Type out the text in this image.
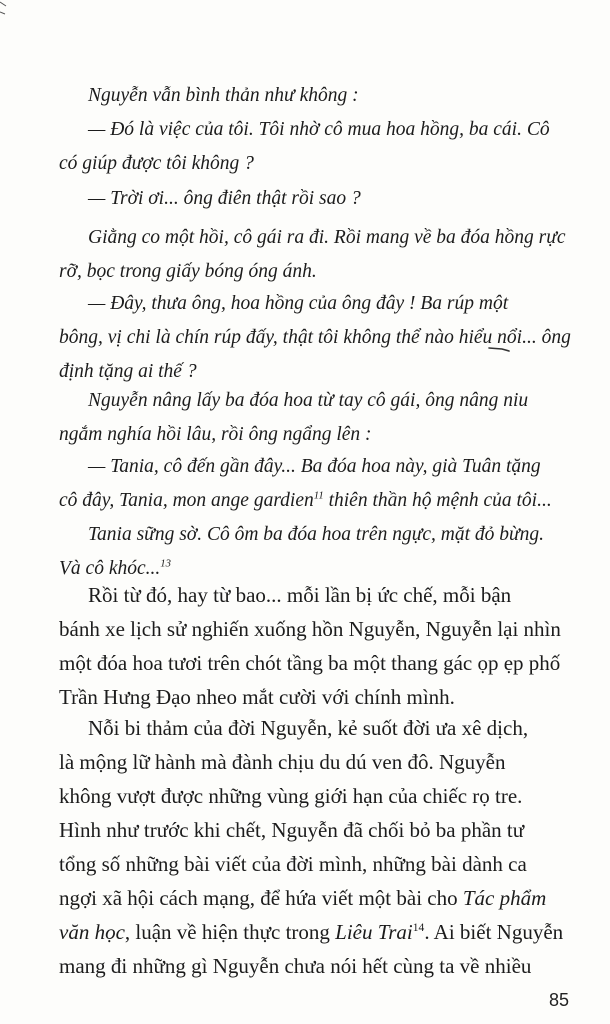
Nguyễn vẫn bình thản như không :

— Đó là việc của tôi. Tôi nhờ cô mua hoa hồng, ba cái. Cô
có giúp được tôi không ?

— Trời ơi... ông điên thật rồi sao ?

Giằng co một hồi, cô gái ra đi. Rồi mang về ba đóa hồng rực
rỡ, bọc trong giấy bóng óng ánh.

— Đây, thưa ông, hoa hồng của ông đây ! Ba rúp một
bông, vị chi là chín rúp đấy, thật tôi không thể nào hiểu nổi... ông
định tặng ai thế ?

Nguyễn nâng lấy ba đóa hoa từ tay cô gái, ông nâng niu
ngắm nghía hồi lâu, rồi ông ngẩng lên :

— Tania, cô đến gần đây... Ba đóa hoa này, già Tuân tặng
cô đây, Tania, mon ange gardien$^{11}$ thiên thần hộ mệnh của tôi...

Tania sững sờ. Cô ôm ba đóa hoa trên ngực, mặt đỏ bừng.
Và cô khóc...$^{13}$

Rồi từ đó, hay từ bao... mỗi lần bị ức chế, mỗi bận
bánh xe lịch sử nghiến xuống hồn Nguyễn, Nguyễn lại nhìn
một đóa hoa tươi trên chót tầng ba một thang gác ọp ẹp phố
Trần Hưng Đạo nheo mắt cười với chính mình.

Nỗi bi thảm của đời Nguyễn, kẻ suốt đời ưa xê dịch,
là mộng lữ hành mà đành chịu du dú ven đô. Nguyễn
không vượt được những vùng giới hạn của chiếc rọ tre.
Hình như trước khi chết, Nguyễn đã chối bỏ ba phần tư
tổng số những bài viết của đời mình, những bài dành ca
ngợi xã hội cách mạng, để hứa viết một bài cho Tác phẩm
văn học, luận về hiện thực trong Liêu Trai$^{14}$. Ai biết Nguyễn
mang đi những gì Nguyễn chưa nói hết cùng ta về nhiều

85
